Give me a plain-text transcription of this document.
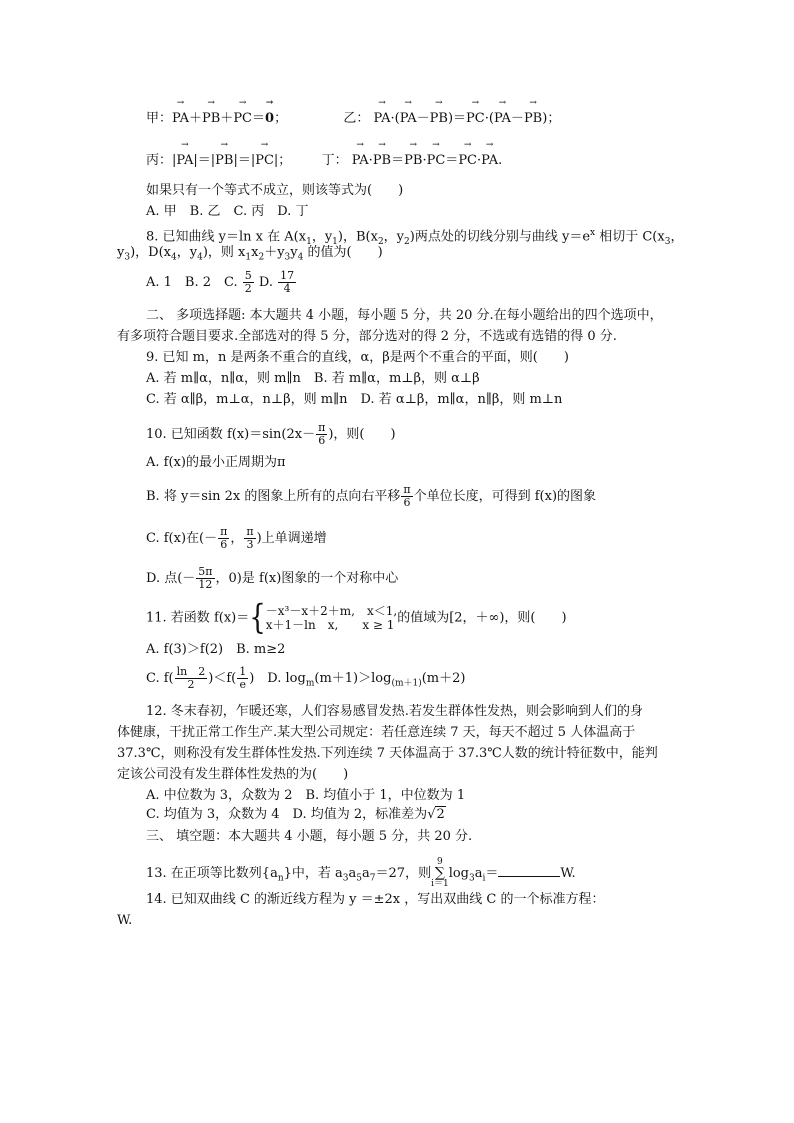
甲：→ PA＋→ PB＋→ PC＝→ 0；	乙： → PA·(→ PA－→ PB)＝→ PC·(→ PA－→ PB)；
丙：|→ PA|＝|→ PB|＝|→ PC|；  丁： → PA·→ PB＝→ PB·→ PC＝→ PC·→ PA.
如果只有一个等式不成立，则该等式为(　　)
A. 甲　B. 乙　C. 丙　D. 丁
8. 已知曲线 y＝ln x 在 $A(x_1$，$y_1$)，$B(x_2$，$y_2$)两点处的切线分别与曲线 $y=e^x$ 相切于 $C(x_3$，
$y_3$)，$D(x_4$，$y_4$)，则 $x_1x_2+y_3y_4$ 的值为(　　)
A. 1　B. 2　C. $\frac{5}{2} D$. $\frac{17}{4}$
二、 多项选择题: 本大题共 4 小题，每小题 5 分，共 20 分.在每小题给出的四个选项中，
有多项符合题目要求.全部选对的得 5 分，部分选对的得 2 分，不选或有选错的得 0 分.
9. 已知 m，n 是两条不重合的直线，α，β是两个不重合的平面，则(　　)
A. 若 m∥α，n∥α，则 m∥n　B. 若 m∥α，m⊥β，则 α⊥β
C. 若 α∥β，m⊥α，n⊥β，则 m∥n　D. 若 α⊥β，m∥α，n∥β，则 m⊥n
10. 已知函数 $f(x)=\sin(2x- \frac{\pi}{6}$ )，则(　　)
A. f(x)的最小正周期为π
B. 将 y＝sin 2x 的图象上所有的点向右平移 $\frac{\pi}{6}$ 个单位长度，可得到 f(x)的图象
C. f(x)在(－ $\frac{\pi}{6}$ ， $\frac{\pi}{3}$ )上单调递增
D. 点(－ $\frac{5\pi}{12}$ ，0)是 f(x)图象的一个对称中心
11. 若函数 f(x)＝{ －x³－x＋2＋m,　x＜1,
x＋1－ln　x,　　x ≥ 1 的值域为[2，＋∞)，则(　　)
A. f(3)＞f(2)　B. m≥2
C. $f( \frac{\ln 2}{2} )<f( \frac{1}{e}$ )　D. $\log_m(m+1)>\log_{(m+1)}(m+2)$
12. 冬末春初，乍暖还寒，人们容易感冒发热.若发生群体性发热，则会影响到人们的身
体健康，干扰正常工作生产.某大型公司规定：若任意连续 7 天，每天不超过 5 人体温高于
37.3℃，则称没有发生群体性发热.下列连续 7 天体温高于 37.3℃人数的统计特征数中，能判
定该公司没有发生群体性发热的为(　　)
A. 中位数为 3，众数为 2　B. 均值小于 1，中位数为 1
C. 均值为 3，众数为 4　D. 均值为 2，标准差为√2
三、 填空题：本大题共 4 小题，每小题 5 分，共 20 分.
13. 在正项等比数列$\{a_n\}$中，若 $a_3a_5a_7=27$，则
9
∑
i＝1
$\log_3a_i=$	W.
14. 已知双曲线 C 的渐近线方程为 y ＝±2x ，写出双曲线 C 的一个标准方程：
W.
